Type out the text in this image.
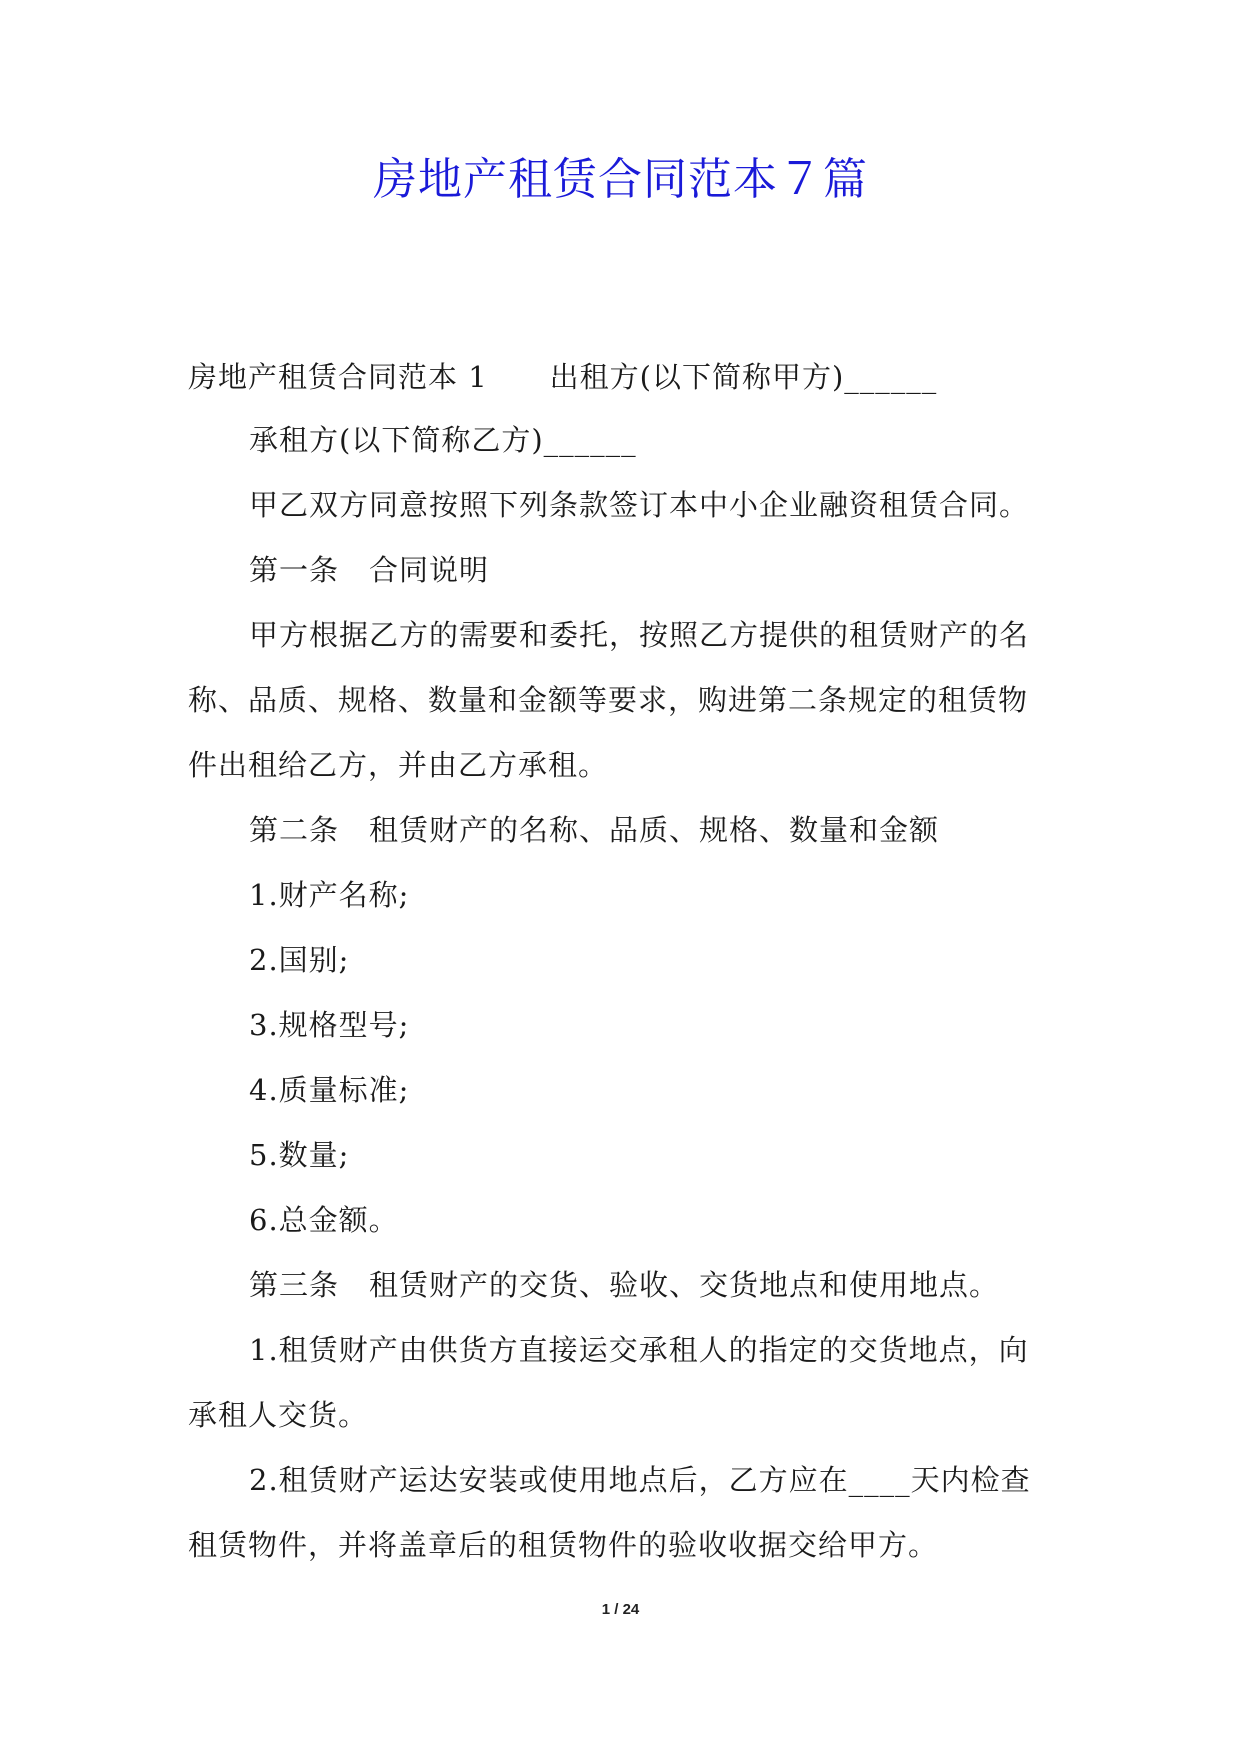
房地产租赁合同范本７篇
房地产租赁合同范本 1 出租方(以下简称甲方)______
承租方(以下简称乙方)______
甲乙双方同意按照下列条款签订本中小企业融资租赁合同。
第一条　合同说明
甲方根据乙方的需要和委托，按照乙方提供的租赁财产的名
称、品质、规格、数量和金额等要求，购进第二条规定的租赁物
件出租给乙方，并由乙方承租。
第二条　租赁财产的名称、品质、规格、数量和金额
1.财产名称;
2.国别;
3.规格型号;
4.质量标准;
5.数量;
6.总金额。
第三条　租赁财产的交货、验收、交货地点和使用地点。
1.租赁财产由供货方直接运交承租人的指定的交货地点，向
承租人交货。
2.租赁财产运达安装或使用地点后，乙方应在____天内检查
租赁物件，并将盖章后的租赁物件的验收收据交给甲方。
1 / 24
